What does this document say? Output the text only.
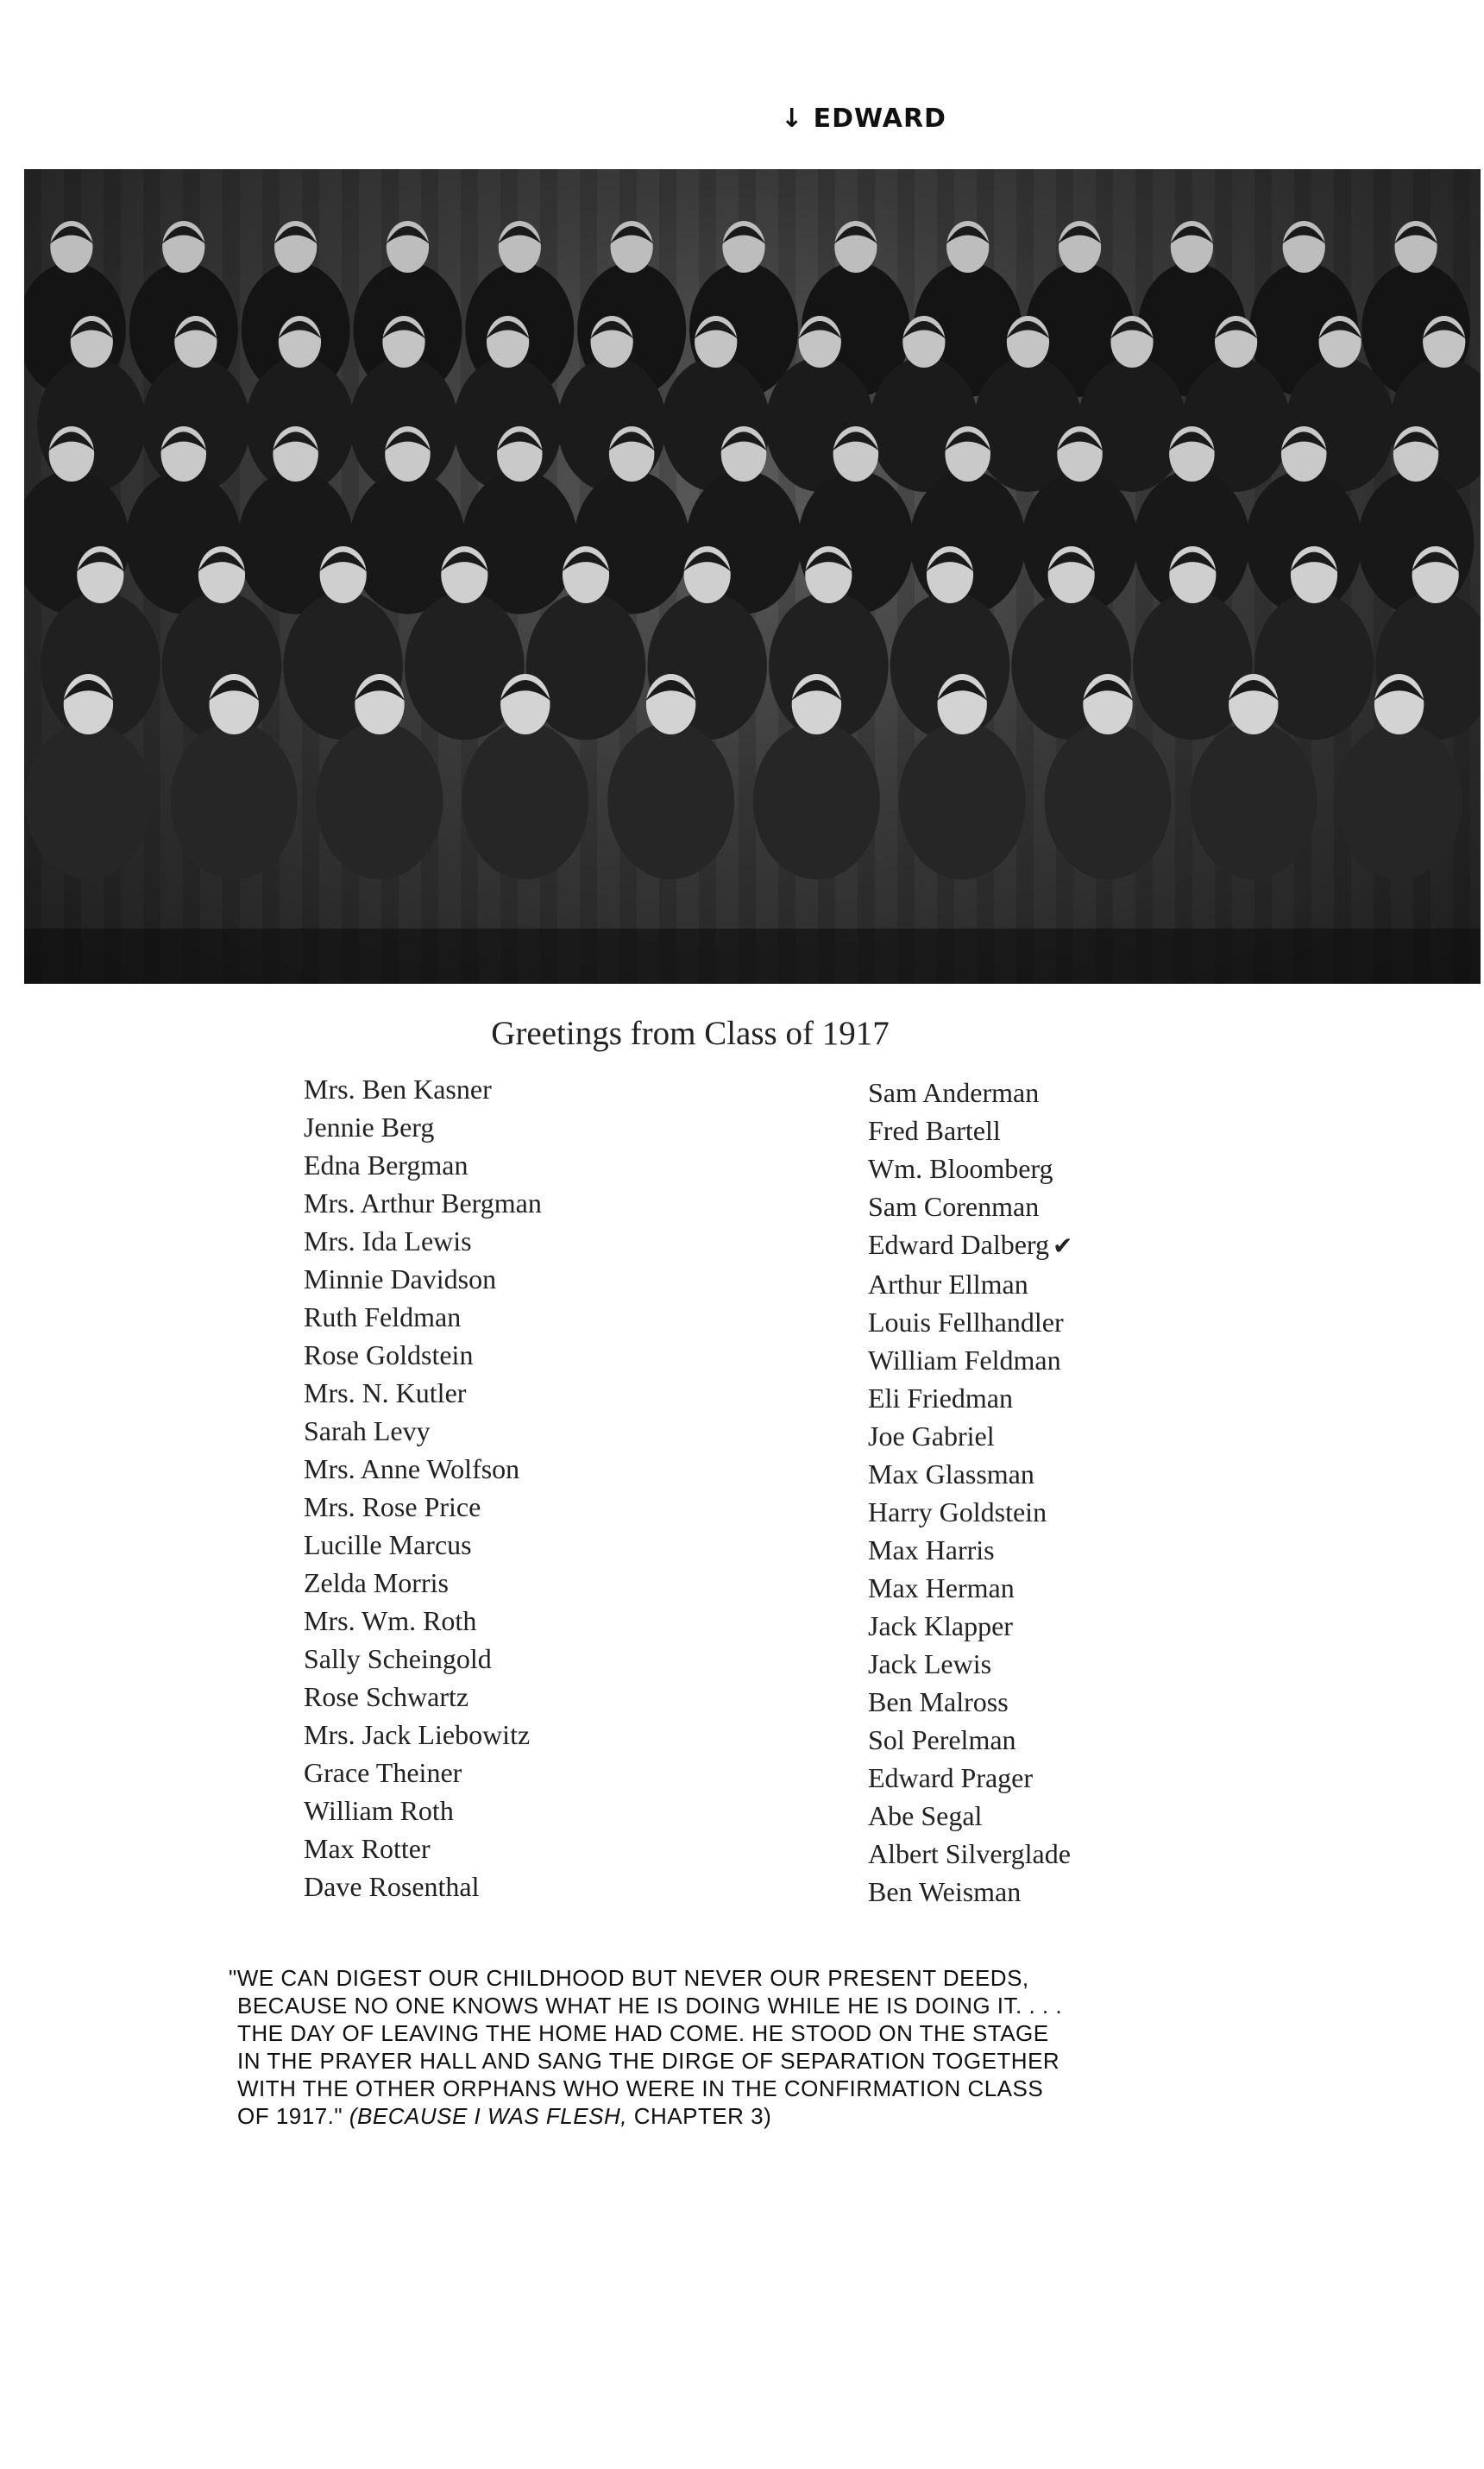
↓ EDWARD
Greetings from Class of 1917
Mrs. Ben Kasner
Jennie Berg
Edna Bergman
Mrs. Arthur Bergman
Mrs. Ida Lewis
Minnie Davidson
Ruth Feldman
Rose Goldstein
Mrs. N. Kutler
Sarah Levy
Mrs. Anne Wolfson
Mrs. Rose Price
Lucille Marcus
Zelda Morris
Mrs. Wm. Roth
Sally Scheingold
Rose Schwartz
Mrs. Jack Liebowitz
Grace Theiner
William Roth
Max Rotter
Dave Rosenthal
Sam Anderman
Fred Bartell
Wm. Bloomberg
Sam Corenman
Edward Dalberg ✔
Arthur Ellman
Louis Fellhandler
William Feldman
Eli Friedman
Joe Gabriel
Max Glassman
Harry Goldstein
Max Harris
Max Herman
Jack Klapper
Jack Lewis
Ben Malross
Sol Perelman
Edward Prager
Abe Segal
Albert Silverglade
Ben Weisman

"WE CAN DIGEST OUR CHILDHOOD BUT NEVER OUR PRESENT DEEDS,

BECAUSE NO ONE KNOWS WHAT HE IS DOING WHILE HE IS DOING IT. . . .

THE DAY OF LEAVING THE HOME HAD COME. HE STOOD ON THE STAGE

IN THE PRAYER HALL AND SANG THE DIRGE OF SEPARATION TOGETHER

WITH THE OTHER ORPHANS WHO WERE IN THE CONFIRMATION CLASS

OF 1917." (BECAUSE I WAS FLESH, CHAPTER 3)
